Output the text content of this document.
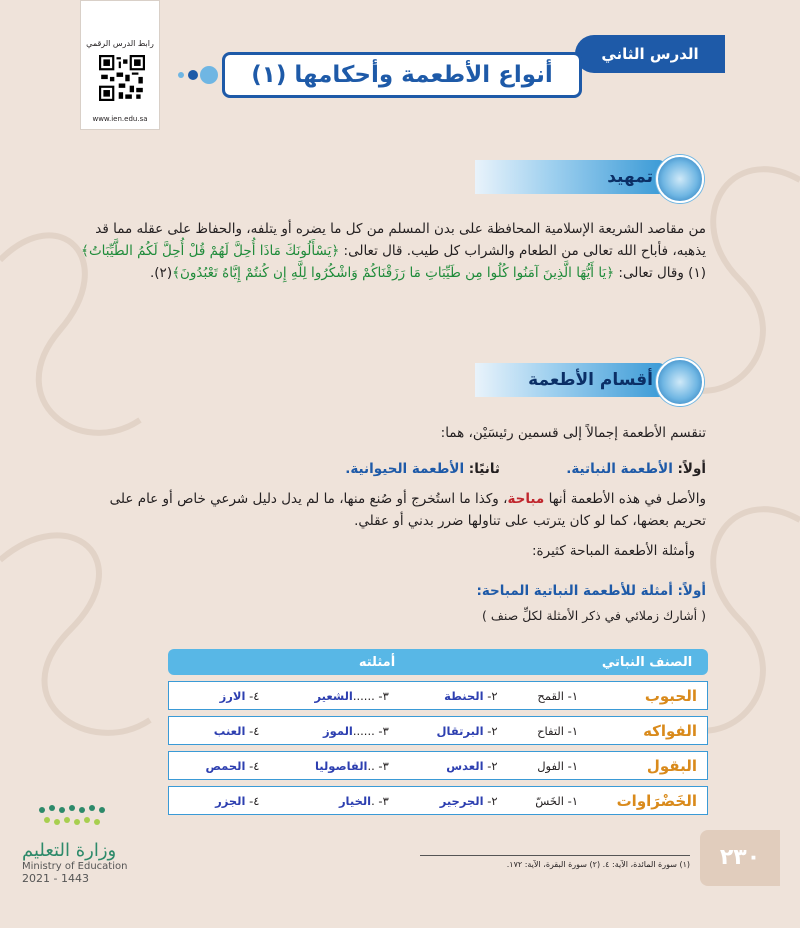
رابط الدرس الرقمي
www.ien.edu.sa
الدرس الثاني
أنواع الأطعمة وأحكامها (١)
تمهيد
من مقاصد الشريعة الإسلامية المحافظة على بدن المسلم من كل ما يضره أو يتلفه، والحفاظ على عقله مما قد يذهبه، فأباح الله تعالى من الطعام والشراب كل طيب. قال تعالى: ﴿يَسْأَلُونَكَ مَاذَا أُحِلَّ لَهُمْ قُلْ أُحِلَّ لَكُمُ الطَّيِّبَاتُ﴾(١) وقال تعالى: ﴿يَا أَيُّهَا الَّذِينَ آمَنُوا كُلُوا مِن طَيِّبَاتِ مَا رَزَقْنَاكُمْ وَاشْكُرُوا لِلَّهِ إِن كُنتُمْ إِيَّاهُ تَعْبُدُونَ﴾(٢).
أقسام الأطعمة
تنقسم الأطعمة إجمالاً إلى قسمين رئيسَيْن، هما:
أولاً: الأطعمة النباتية.
ثانيًا: الأطعمة الحيوانية.
والأصل في هذه الأطعمة أنها مباحة، وكذا ما استُخرج أو صُنع منها، ما لم يدل دليل شرعي خاص أو عام على تحريم بعضها، كما لو كان يترتب على تناولها ضرر بدني أو عقلي.
وأمثلة الأطعمة المباحة كثيرة:
أولاً: أمثلة للأطعمة النباتية المباحة:
( أشارك زملائي في ذكر الأمثلة لكلِّ صنف )
الصنف النباتي	أمثلته			
الحبوب	١- القمح	٢- الحنطة	٣- ......الشعير	٤- الارز
الفواكه	١- التفاح	٢- البرتقال	٣- ......الموز	٤- العنب
البقول	١- الفول	٢- العدس	٣- ..الفاصوليا	٤- الحمص
الخَضْرَاوات	١- الخَسّ	٢- الجرجير	٣- .الخيار	٤- الجزر
وزارة التعليم
Ministry of Education
2021 - 1443
(١) سورة المائدة، الآية: ٤. (٢) سورة البقرة، الآية: ١٧٢.	٢٣٠
